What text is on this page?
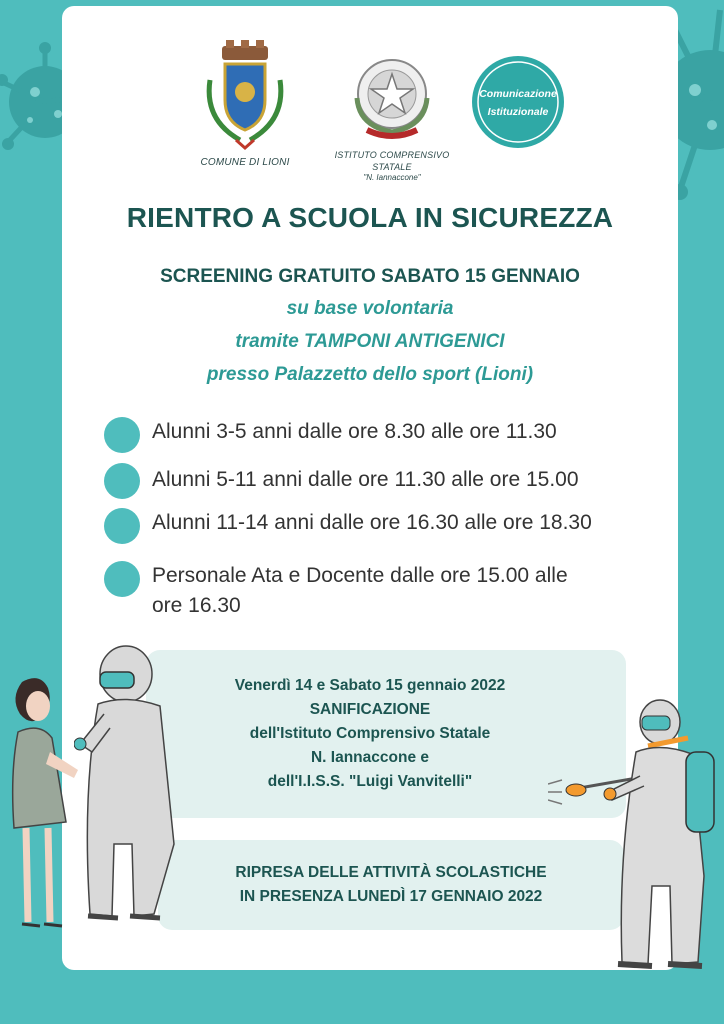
COMUNE DI LIONI
ISTITUTO COMPRENSIVO STATALE
"N. Iannaccone"
Comunicazione
Istituzionale
RIENTRO A SCUOLA IN SICUREZZA
SCREENING GRATUITO SABATO 15 GENNAIO
su base volontaria
tramite TAMPONI ANTIGENICI
presso Palazzetto dello sport (Lioni)
Alunni 3-5 anni dalle ore 8.30 alle ore 11.30
Alunni 5-11 anni dalle ore 11.30 alle ore 15.00
Alunni 11-14 anni dalle ore 16.30 alle ore 18.30
Personale Ata e Docente dalle ore 15.00 alle
ore 16.30
Venerdì 14 e Sabato 15 gennaio 2022
SANIFICAZIONE
dell'Istituto Comprensivo Statale
N. Iannaccone e
dell'I.I.S.S. "Luigi Vanvitelli"
RIPRESA DELLE ATTIVITÀ SCOLASTICHE
IN PRESENZA LUNEDÌ 17 GENNAIO 2022
